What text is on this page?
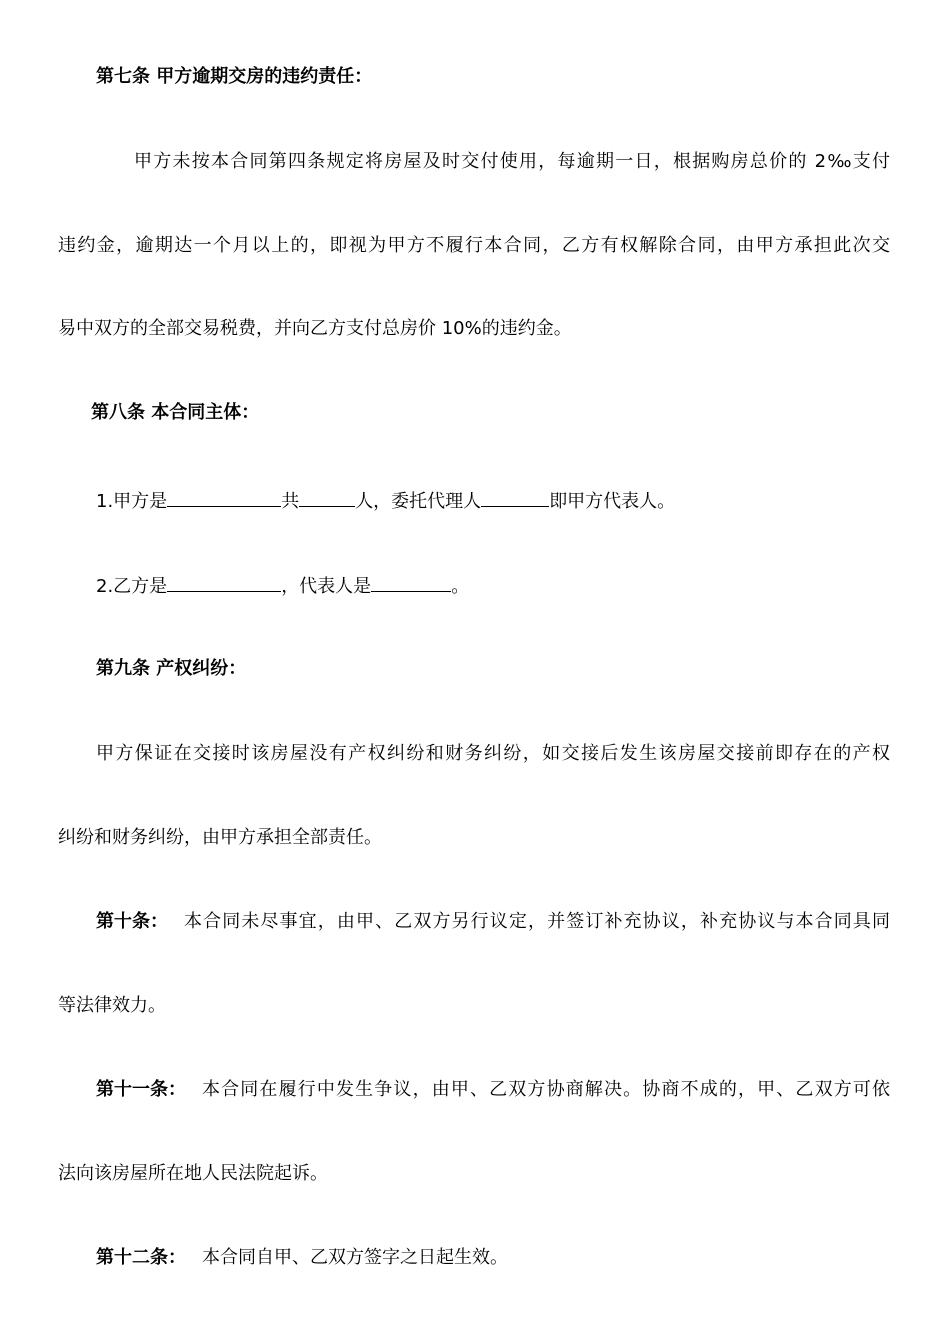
第七条 甲方逾期交房的违约责任：
甲方未按本合同第四条规定将房屋及时交付使用，每逾期一日，根据购房总价的 2‰支付
违约金，逾期达一个月以上的，即视为甲方不履行本合同，乙方有权解除合同，由甲方承担此次交
易中双方的全部交易税费，并向乙方支付总房价 10%的违约金。
第八条 本合同主体：
1.甲方是	共	人，委托代理人	即甲方代表人。
2.乙方是	，代表人是	。
第九条 产权纠纷：
甲方保证在交接时该房屋没有产权纠纷和财务纠纷，如交接后发生该房屋交接前即存在的产权
纠纷和财务纠纷，由甲方承担全部责任。
第十条： 本合同未尽事宜，由甲、乙双方另行议定，并签订补充协议，补充协议与本合同具同
等法律效力。
第十一条： 本合同在履行中发生争议，由甲、乙双方协商解决。协商不成的，甲、乙双方可依
法向该房屋所在地人民法院起诉。
第十二条： 本合同自甲、乙双方签字之日起生效。
